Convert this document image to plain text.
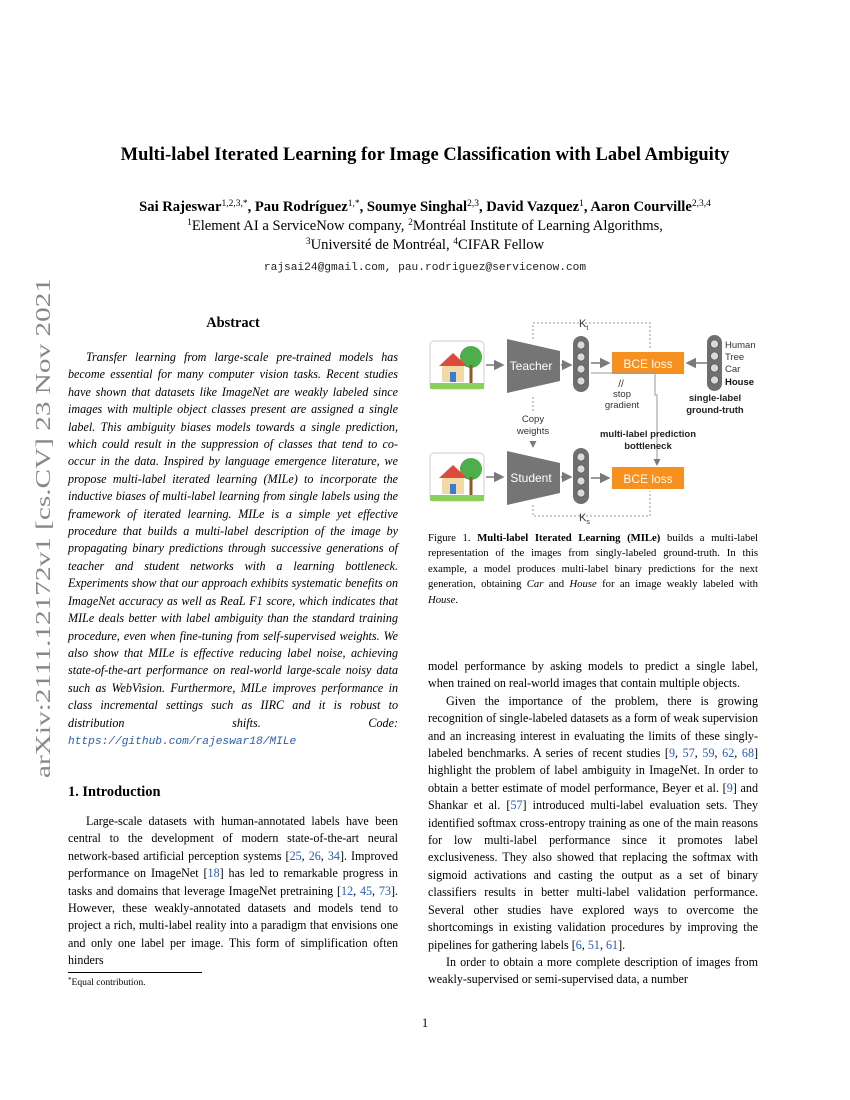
arXiv:2111.12172v1 [cs.CV] 23 Nov 2021
Multi-label Iterated Learning for Image Classification with Label Ambiguity
Sai Rajeswar$^{1,2,3,*}$, Pau Rodríguez$^{1,*}$, Soumye Singhal$^{2,3}$, David Vazquez$^1$, Aaron Courville$^{2,3,4}$
$^1$Element AI a ServiceNow company, $^2$Montréal Institute of Learning Algorithms,
$^3$Université de Montréal, $^4$CIFAR Fellow
rajsai24@gmail.com, pau.rodriguez@servicenow.com
Abstract

Transfer learning from large-scale pre-trained models has become essential for many computer vision tasks. Recent studies have shown that datasets like ImageNet are weakly labeled since images with multiple object classes present are assigned a single label. This ambiguity biases models towards a single prediction, which could result in the suppression of classes that tend to co-occur in the data. Inspired by language emergence literature, we propose multi-label iterated learning (MILe) to incorporate the inductive biases of multi-label learning from single labels using the framework of iterated learning. MILe is a simple yet effective procedure that builds a multi-label description of the image by propagating binary predictions through successive generations of teacher and student networks with a learning bottleneck. Experiments show that our approach exhibits systematic benefits on ImageNet accuracy as well as ReaL F1 score, which indicates that MILe deals better with label ambiguity than the standard training procedure, even when fine-tuning from self-supervised weights. We also show that MILe is effective reducing label noise, achieving state-of-the-art performance on real-world large-scale noisy data such as WebVision. Furthermore, MILe improves performance in class incremental settings such as IIRC and it is robust to distribution shifts.	Code: https://github.com/rajeswar18/MILe

1. Introduction

Large-scale datasets with human-annotated labels have been central to the development of modern state-of-the-art neural network-based artificial perception systems [25, 26, 34]. Improved performance on ImageNet [18] has led to remarkable progress in tasks and domains that leverage ImageNet pretraining [12, 45, 73]. However, these weakly-annotated datasets and models tend to project a rich, multi-label reality into a paradigm that envisions one and only one label per image. This form of simplification often hinders

*Equal contribution.
Teacher
Student
BCE loss
BCE loss
Human
Tree
Car
House
single-label
ground-truth
$K_t$
$K_s$
Copy
weights
//
stop
gradient
multi-label prediction
bottleneck
Figure 1. Multi-label Iterated Learning (MILe) builds a multi-label representation of the images from singly-labeled ground-truth. In this example, a model produces multi-label binary predictions for the next generation, obtaining Car and House for an image weakly labeled with House.

model performance by asking models to predict a single label, when trained on real-world images that contain multiple objects.

Given the importance of the problem, there is growing recognition of single-labeled datasets as a form of weak supervision and an increasing interest in evaluating the limits of these singly-labeled benchmarks. A series of recent studies [9, 57, 59, 62, 68] highlight the problem of label ambiguity in ImageNet. In order to obtain a better estimate of model performance, Beyer et al. [9] and Shankar et al. [57] introduced multi-label evaluation sets. They identified softmax cross-entropy training as one of the main reasons for low multi-label performance since it promotes label exclusiveness. They also showed that replacing the softmax with sigmoid activations and casting the output as a set of binary classifiers results in better multi-label validation performance. Several other studies have explored ways to overcome the shortcomings in existing validation procedures by improving the pipelines for gathering labels [6, 51, 61].

In order to obtain a more complete description of images from weakly-supervised or semi-supervised data, a number

1
